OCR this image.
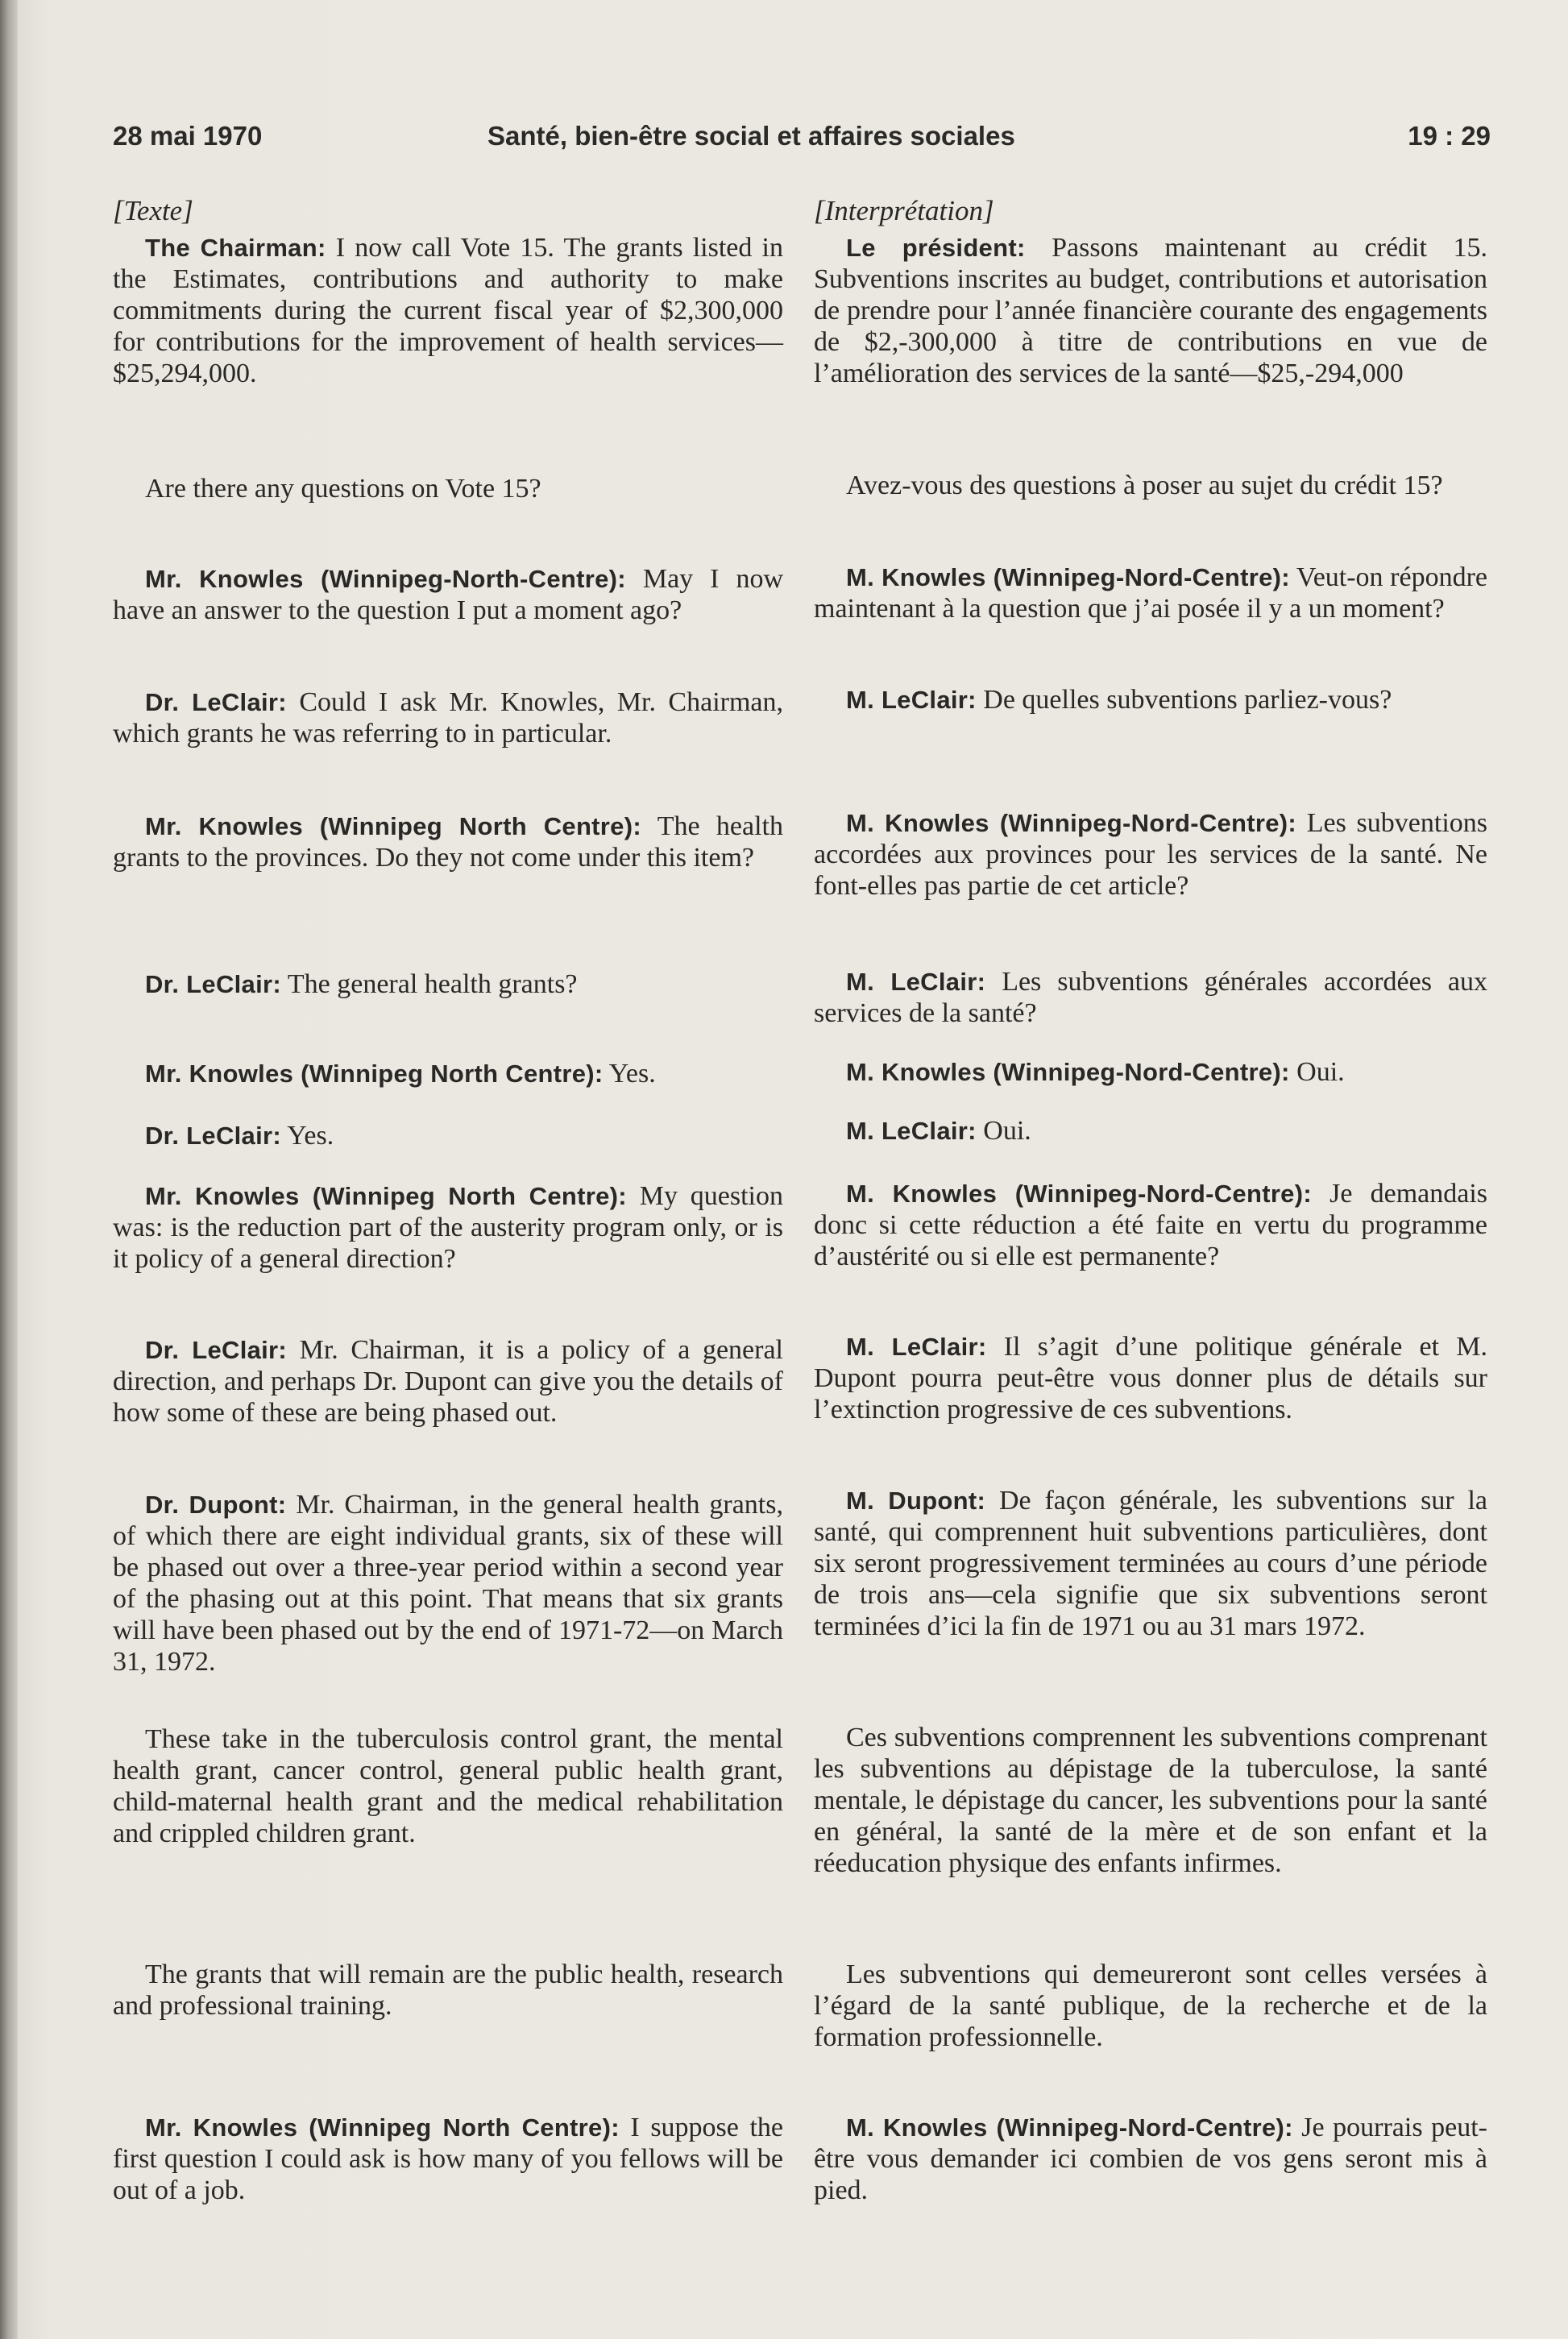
28 mai 1970	Santé, bien-être social et affaires sociales	19 : 29
[Texte]

The Chairman: I now call Vote 15. The grants listed in the Estimates, contributions and authority to make commitments during the current fiscal year of $2,300,000 for contributions for the improvement of health services—$25,294,000.

Are there any questions on Vote 15?

Mr. Knowles (Winnipeg-North-Centre): May I now have an answer to the question I put a moment ago?

Dr. LeClair: Could I ask Mr. Knowles, Mr. Chairman, which grants he was referring to in particular.

Mr. Knowles (Winnipeg North Centre): The health grants to the provinces. Do they not come under this item?

Dr. LeClair: The general health grants?

Mr. Knowles (Winnipeg North Centre): Yes.

Dr. LeClair: Yes.

Mr. Knowles (Winnipeg North Centre): My question was: is the reduction part of the austerity program only, or is it policy of a general direction?

Dr. LeClair: Mr. Chairman, it is a policy of a general direction, and perhaps Dr. Dupont can give you the details of how some of these are being phased out.

Dr. Dupont: Mr. Chairman, in the general health grants, of which there are eight individual grants, six of these will be phased out over a three-year period within a second year of the phasing out at this point. That means that six grants will have been phased out by the end of 1971-72—on March 31, 1972.

These take in the tuberculosis control grant, the mental health grant, cancer control, general public health grant, child-maternal health grant and the medical rehabilitation and crippled children grant.

The grants that will remain are the public health, research and professional training.

Mr. Knowles (Winnipeg North Centre): I suppose the first question I could ask is how many of you fellows will be out of a job.

[Interprétation]

Le président: Passons maintenant au crédit 15. Subventions inscrites au budget, contributions et autorisation de prendre pour l’année financière courante des engagements de $2,-300,000 à titre de contributions en vue de l’amélioration des services de la santé—$25,-294,000

Avez-vous des questions à poser au sujet du crédit 15?

M. Knowles (Winnipeg-Nord-Centre): Veut-on répondre maintenant à la question que j’ai posée il y a un moment?

M. LeClair: De quelles subventions parliez-vous?

M. Knowles (Winnipeg-Nord-Centre): Les subventions accordées aux provinces pour les services de la santé. Ne font-elles pas partie de cet article?

M. LeClair: Les subventions générales accordées aux services de la santé?

M. Knowles (Winnipeg-Nord-Centre): Oui.

M. LeClair: Oui.

M. Knowles (Winnipeg-Nord-Centre): Je demandais donc si cette réduction a été faite en vertu du programme d’austérité ou si elle est permanente?

M. LeClair: Il s’agit d’une politique générale et M. Dupont pourra peut-être vous donner plus de détails sur l’extinction progressive de ces subventions.

M. Dupont: De façon générale, les subventions sur la santé, qui comprennent huit subventions particulières, dont six seront progressivement terminées au cours d’une période de trois ans—cela signifie que six subventions seront terminées d’ici la fin de 1971 ou au 31 mars 1972.

Ces subventions comprennent les subventions comprenant les subventions au dépistage de la tuberculose, la santé mentale, le dépistage du cancer, les subventions pour la santé en général, la santé de la mère et de son enfant et la réeducation physique des enfants infirmes.

Les subventions qui demeureront sont celles versées à l’égard de la santé publique, de la recherche et de la formation professionnelle.

M. Knowles (Winnipeg-Nord-Centre): Je pourrais peut-être vous demander ici combien de vos gens seront mis à pied.
